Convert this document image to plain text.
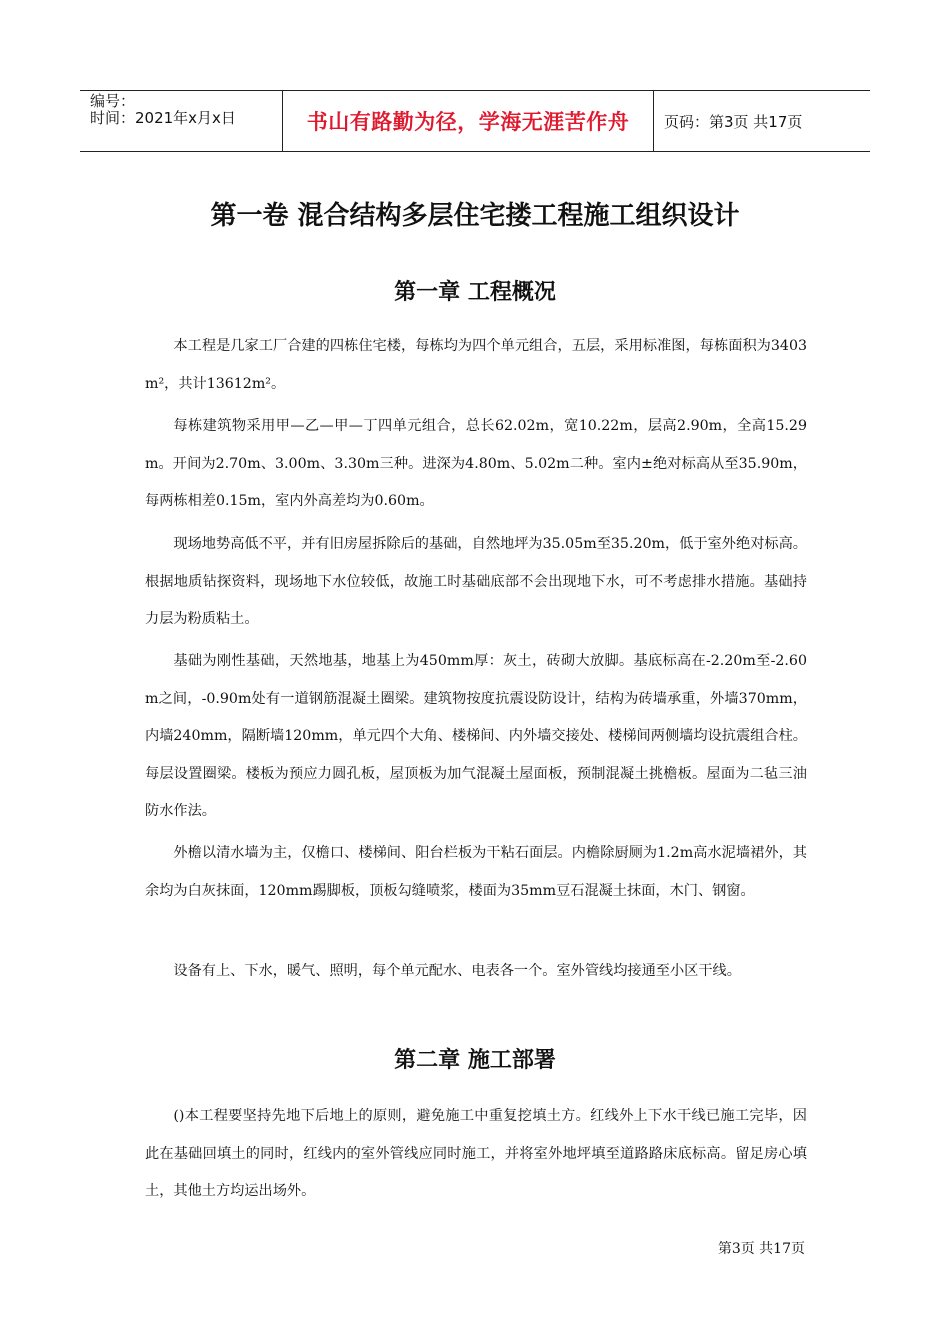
编号：
时间：2021年x月x日	书山有路勤为径，学海无涯苦作舟	页码：第3页 共17页
第一卷 混合结构多层住宅搂工程施工组织设计
第一章 工程概况

本工程是几家工厂合建的四栋住宅楼，每栋均为四个单元组合，五层，采用标准图，每栋面积为3403m²，共计13612m²。

每栋建筑物采用甲—乙—甲—丁四单元组合，总长62.02m，宽10.22m，层高2.90m，全高15.29m。开间为2.70m、3.00m、3.30m三种。进深为4.80m、5.02m二种。室内±绝对标高从至35.90m，每两栋相差0.15m，室内外高差均为0.60m。

现场地势高低不平，并有旧房屋拆除后的基础，自然地坪为35.05m至35.20m，低于室外绝对标高。根据地质钻探资料，现场地下水位较低，故施工时基础底部不会出现地下水，可不考虑排水措施。基础持力层为粉质粘土。

基础为刚性基础，天然地基，地基上为450mm厚：灰土，砖砌大放脚。基底标高在-2.20m至-2.60m之间，-0.90m处有一道钢筋混凝土圈梁。建筑物按度抗震设防设计，结构为砖墙承重，外墙370mm，内墙240mm，隔断墙120mm，单元四个大角、楼梯间、内外墙交接处、楼梯间两侧墙均设抗震组合柱。每层设置圈梁。楼板为预应力圆孔板，屋顶板为加气混凝土屋面板，预制混凝土挑檐板。屋面为二毡三油防水作法。

外檐以清水墙为主，仅檐口、楼梯间、阳台栏板为干粘石面层。内檐除厨厕为1.2m高水泥墙裙外，其余均为白灰抹面，120mm踢脚板，顶板勾缝喷浆，楼面为35mm豆石混凝土抹面，木门、钢窗。

设备有上、下水，暖气、照明，每个单元配水、电表各一个。室外管线均接通至小区干线。

第二章 施工部署

()本工程要坚持先地下后地上的原则，避免施工中重复挖填土方。红线外上下水干线已施工完毕，因此在基础回填土的同时，红线内的室外管线应同时施工，并将室外地坪填至道路路床底标高。留足房心填土，其他土方均运出场外。

第3页 共17页
